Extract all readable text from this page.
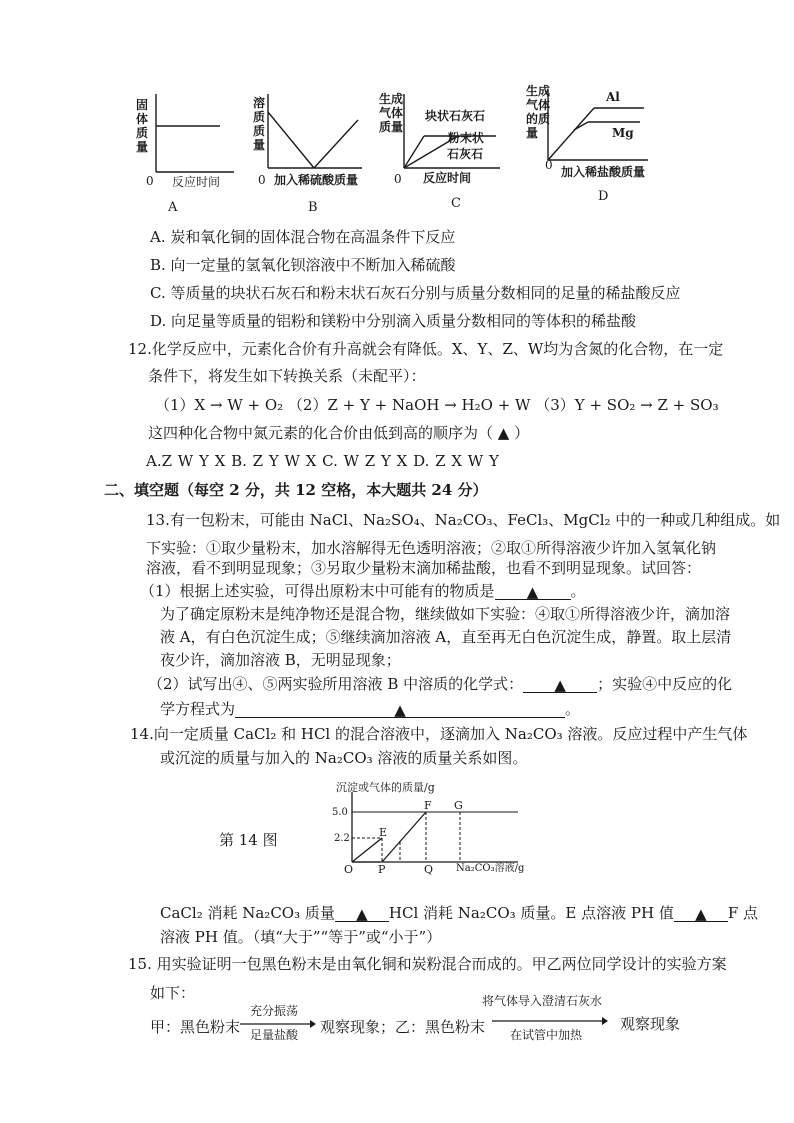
固体质量
0 反应时间
A
溶质质量
0 加入稀硫酸质量
B
生成气体质量
块状石灰石
粉末状
石灰石
0 反应时间
C
生成气体的质量
Al
Mg
0 加入稀盐酸质量
D
A. 炭和氧化铜的固体混合物在高温条件下反应
B. 向一定量的氢氧化钡溶液中不断加入稀硫酸
C. 等质量的块状石灰石和粉末状石灰石分别与质量分数相同的足量的稀盐酸反应
D. 向足量等质量的铝粉和镁粉中分别滴入质量分数相同的等体积的稀盐酸
12.化学反应中，元素化合价有升高就会有降低。X、Y、Z、W均为含氮的化合物，在一定
条件下，将发生如下转换关系（未配平）：
（1）X → W + O₂ （2）Z + Y + NaOH → H₂O + W （3）Y + SO₂ → Z + SO₃
这四种化合物中氮元素的化合价由低到高的顺序为（ ▲ ）
A.Z W Y X B. Z Y W X C. W Z Y X D. Z X W Y
二、填空题（每空 2 分，共 12 空格，本大题共 24 分）
13.有一包粉末，可能由 NaCl、Na₂SO₄、Na₂CO₃、FeCl₃、MgCl₂ 中的一种或几种组成。如
下实验：①取少量粉末，加水溶解得无色透明溶液；②取①所得溶液少许加入氢氧化钠
溶液，看不到明显现象；③另取少量粉末滴加稀盐酸，也看不到明显现象。试回答：
（1）根据上述实验，可得出原粉末中可能有的物质是 ▲ 。
为了确定原粉末是纯净物还是混合物，继续做如下实验：④取①所得溶液少许，滴加溶
液 A，有白色沉淀生成；⑤继续滴加溶液 A，直至再无白色沉淀生成，静置。取上层清
夜少许，滴加溶液 B，无明显现象；
（2）试写出④、⑤两实验所用溶液 B 中溶质的化学式： ▲ ；实验④中反应的化
学方程式为	▲	。
14.向一定质量 CaCl₂ 和 HCl 的混合溶液中，逐滴加入 Na₂CO₃ 溶液。反应过程中产生气体
或沉淀的质量与加入的 Na₂CO₃ 溶液的质量关系如图。
第 14 图
沉淀或气体的质量/g
5.0
2.2	E
F G
O P	Q Na₂CO₃溶液/g
CaCl₂ 消耗 Na₂CO₃ 质量 ▲ HCl 消耗 Na₂CO₃ 质量。E 点溶液 PH 值 ▲ F 点
溶液 PH 值。（填“大于”“等于”或“小于”）
15. 用实验证明一包黑色粉末是由氧化铜和炭粉混合而成的。甲乙两位同学设计的实验方案
如下：
甲：黑色粉末
充分振荡
足量盐酸 观察现象；乙：黑色粉末
将气体导入澄清石灰水
在试管中加热
观察现象
